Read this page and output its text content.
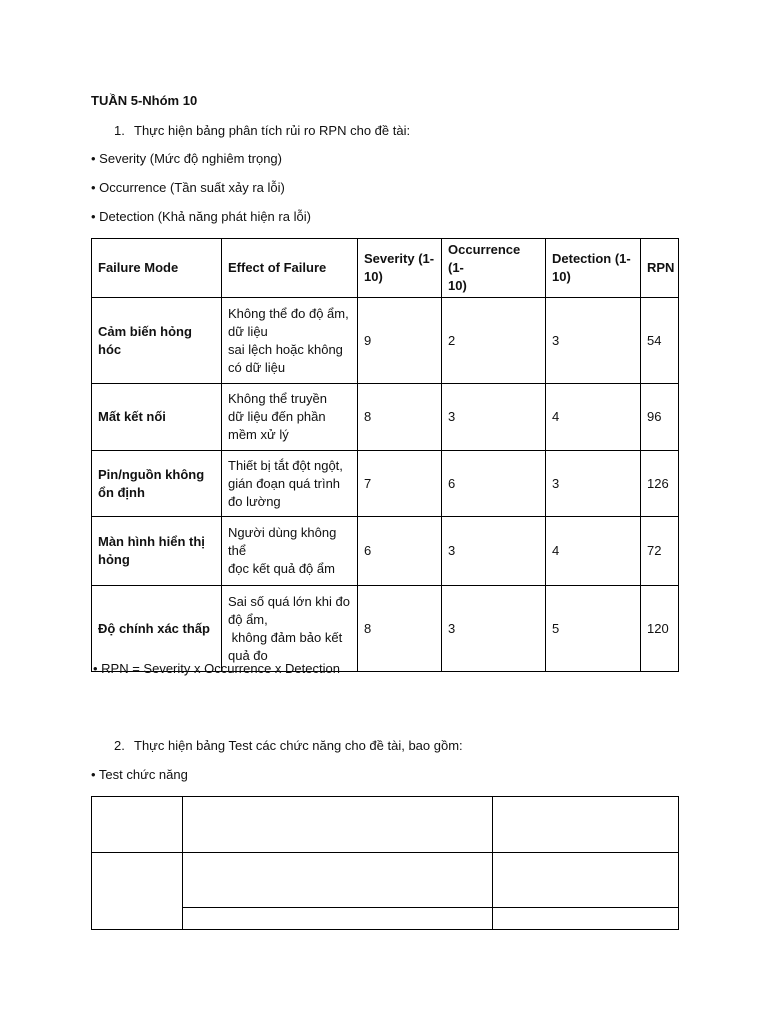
TUẦN 5-Nhóm 10
1. Thực hiện bảng phân tích rủi ro RPN cho đề tài:
• Severity (Mức độ nghiêm trọng)
• Occurrence (Tần suất xảy ra lỗi)
• Detection (Khả năng phát hiện ra lỗi)
Failure Mode	Effect of Failure	Severity (1-
10)	Occurrence (1-
10)	Detection (1-
10)	RPN
Cảm biến hỏng hóc	Không thể đo độ ẩm,
dữ liệu
sai lệch hoặc không
có dữ liệu	9	2	3	54
Mất kết nối	Không thể truyền
dữ liệu đến phần
mềm xử lý	8	3	4	96
Pin/nguồn không
ổn định	Thiết bị tắt đột ngột,
gián đoạn quá trình
đo lường	7	6	3	126
Màn hình hiển thị
hỏng	Người dùng không
thể
đọc kết quả độ ẩm	6	3	4	72
Độ chính xác thấp	Sai số quá lớn khi đo
độ ẩm,
không đảm bảo kết
quả đo	8	3	5	120
• RPN = Severity x Occurrence x Detection
2. Thực hiện bảng Test các chức năng cho đề tài, bao gồm:
• Test chức năng
